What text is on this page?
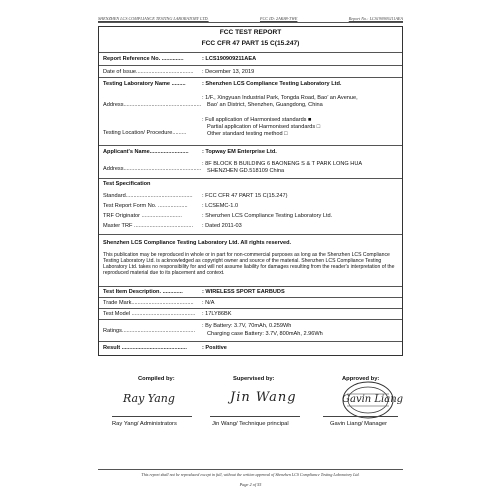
SHENZHEN LCS COMPLIANCE TESTING LABORATORY LTD.	FCC ID: 2AK88-TWE	Report No.: LCS190909211AEA
FCC TEST REPORT
FCC CFR 47 PART 15 C(15.247)
Report Reference No. ..............	: LCS190909211AEA
Date of Issue..................................... : December 13, 2019
Testing Laboratory Name .........	: Shenzhen LCS Compliance Testing Laboratory Ltd.
Address..................................................
: 1/F., Xingyuan Industrial Park, Tongda Road, Bao’ an Avenue,
Bao’ an District, Shenzhen, Guangdong, China
Testing Location/ Procedure.........
: Full application of Harmonised standards ■
Partial application of Harmonised standards □
Other standard testing method □
Applicant's Name......................... : Topway EM Enterprise Ltd.
Address..................................................
: 8F BLOCK B BUILDING 6 BAONENG S & T PARK LONG HUA
SHENZHEN GD.518109 China
Test Specification
Standard........................................... : FCC CFR 47 PART 15 C(15.247)
Test Report Form No. ...................	: LCSEMC-1.0
TRF Originator ..........................	: Shenzhen LCS Compliance Testing Laboratory Ltd.
Master TRF ...................................... : Dated 2011-03
Shenzhen LCS Compliance Testing Laboratory Ltd. All rights reserved.
This publication may be reproduced in whole or in part for non-commercial purposes as long as the Shenzhen LCS Compliance Testing Laboratory Ltd. is acknowledged as copyright owner and source of the material. Shenzhen LCS Compliance Testing Laboratory Ltd. takes no responsibility for and will not assume liability for damages resulting from the reader's interpretation of the reproduced material due to its placement and context.
Test Item Description. .............	: WIRELESS SPORT EARBUDS
Trade Mark........................................ : N/A
Test Model ......................................... : 17LY86BK
Ratings...............................................
: By Battery: 3.7V, 70mAh, 0.259Wh
Charging case Battery: 3.7V, 800mAh, 2.96Wh
Result ..........................................	: Positive
Compiled by:	Supervised by:	Approved by:
Ray Yang	Jin Wang	Gavin Liang
Ray Yang/ Administrators	Jin Wang/ Technique principal	Gavin Liang/ Manager
This report shall not be reproduced except in full, without the written approval of Shenzhen LCS Compliance Testing Laboratory Ltd.
Page 2 of 55
